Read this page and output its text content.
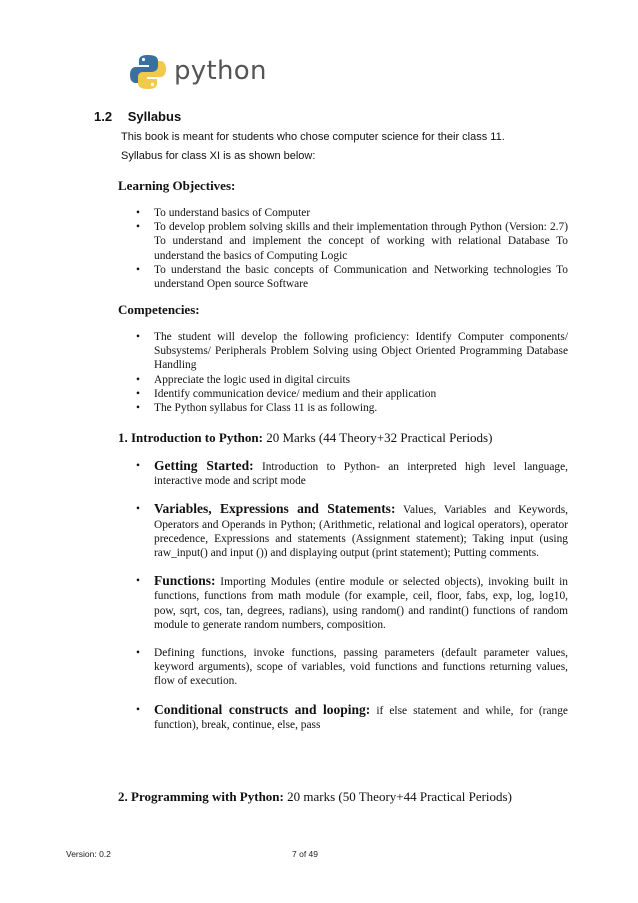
python
1.2 Syllabus
This book is meant for students who chose computer science for their class 11.
Syllabus for class XI is as shown below:
Learning Objectives:
• To understand basics of Computer
• To develop problem solving skills and their implementation through Python (Version: 2.7) To understand and implement the concept of working with relational Database To understand the basics of Computing Logic
• To understand the basic concepts of Communication and Networking technologies To understand Open source Software
Competencies:
• The student will develop the following proficiency: Identify Computer components/ Subsystems/ Peripherals Problem Solving using Object Oriented Programming Database Handling
• Appreciate the logic used in digital circuits
• Identify communication device/ medium and their application
• The Python syllabus for Class 11 is as following.
1. Introduction to Python: 20 Marks (44 Theory+32 Practical Periods)
• Getting Started: Introduction to Python- an interpreted high level language, interactive mode and script mode
• Variables, Expressions and Statements: Values, Variables and Keywords, Operators and Operands in Python; (Arithmetic, relational and logical operators), operator precedence, Expressions and statements (Assignment statement); Taking input (using raw_input() and input ()) and displaying output (print statement); Putting comments.
• Functions: Importing Modules (entire module or selected objects), invoking built in functions, functions from math module (for example, ceil, floor, fabs, exp, log, log10, pow, sqrt, cos, tan, degrees, radians), using random() and randint() functions of random module to generate random numbers, composition.
• Defining functions, invoke functions, passing parameters (default parameter values, keyword arguments), scope of variables, void functions and functions returning values, flow of execution.
• Conditional constructs and looping: if else statement and while, for (range function), break, continue, else, pass
2. Programming with Python: 20 marks (50 Theory+44 Practical Periods)
Version: 0.2	7 of 49
